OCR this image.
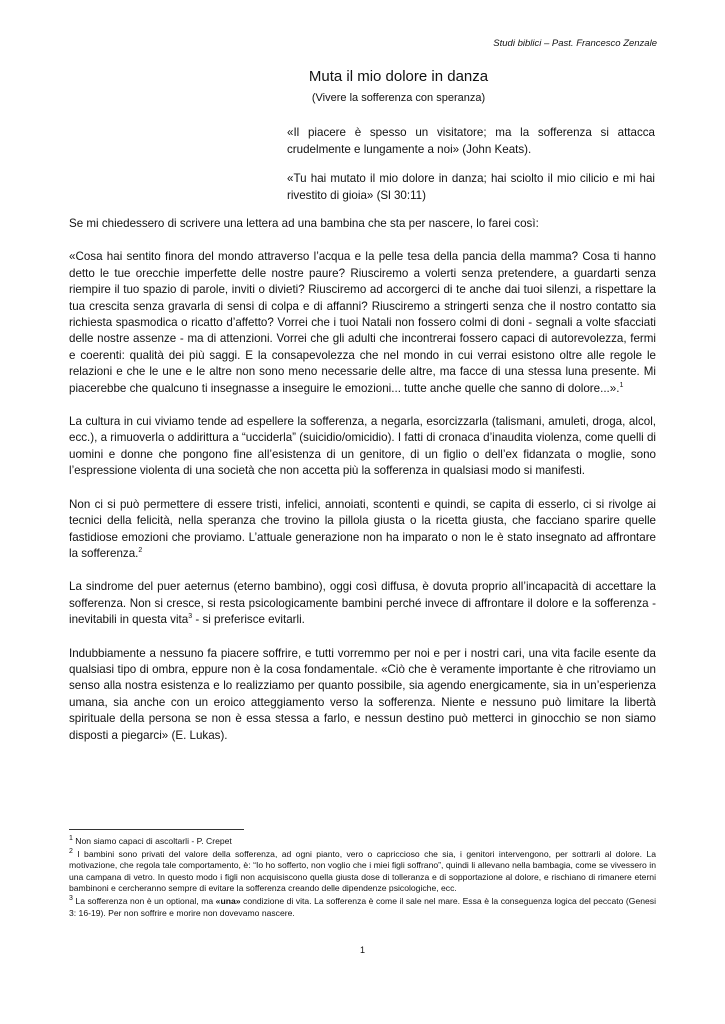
Studi biblici – Past. Francesco Zenzale
Muta il mio dolore in danza
(Vivere la sofferenza con speranza)
«Il piacere è spesso un visitatore; ma la sofferenza si attacca crudelmente e lungamente a noi» (John Keats).
«Tu hai mutato il mio dolore in danza; hai sciolto il mio cilicio e mi hai rivestito di gioia» (Sl 30:11)

Se mi chiedessero di scrivere una lettera ad una bambina che sta per nascere, lo farei così:

«Cosa hai sentito finora del mondo attraverso l’acqua e la pelle tesa della pancia della mamma? Cosa ti hanno detto le tue orecchie imperfette delle nostre paure? Riusciremo a volerti senza pretendere, a guardarti senza riempire il tuo spazio di parole, inviti o divieti? Riusciremo ad accorgerci di te anche dai tuoi silenzi, a rispettare la tua crescita senza gravarla di sensi di colpa e di affanni? Riusciremo a stringerti senza che il nostro contatto sia richiesta spasmodica o ricatto d’affetto? Vorrei che i tuoi Natali non fossero colmi di doni - segnali a volte sfacciati delle nostre assenze - ma di attenzioni. Vorrei che gli adulti che incontrerai fossero capaci di autorevolezza, fermi e coerenti: qualità dei più saggi. E la consapevolezza che nel mondo in cui verrai esistono oltre alle regole le relazioni e che le une e le altre non sono meno necessarie delle altre, ma facce di una stessa luna presente. Mi piacerebbe che qualcuno ti insegnasse a inseguire le emozioni... tutte anche quelle che sanno di dolore...».$^1$

La cultura in cui viviamo tende ad espellere la sofferenza, a negarla, esorcizzarla (talismani, amuleti, droga, alcol, ecc.), a rimuoverla o addirittura a “ucciderla” (suicidio/omicidio). I fatti di cronaca d’inaudita violenza, come quelli di uomini e donne che pongono fine all’esistenza di un genitore, di un figlio o dell’ex fidanzata o moglie, sono l’espressione violenta di una società che non accetta più la sofferenza in qualsiasi modo si manifesti.

Non ci si può permettere di essere tristi, infelici, annoiati, scontenti e quindi, se capita di esserlo, ci si rivolge ai tecnici della felicità, nella speranza che trovino la pillola giusta o la ricetta giusta, che facciano sparire quelle fastidiose emozioni che proviamo. L’attuale generazione non ha imparato o non le è stato insegnato ad affrontare la sofferenza.$^2$

La sindrome del puer aeternus (eterno bambino), oggi così diffusa, è dovuta proprio all’incapacità di accettare la sofferenza. Non si cresce, si resta psicologicamente bambini perché invece di affrontare il dolore e la sofferenza - inevitabili in questa vita$^3$ - si preferisce evitarli.

Indubbiamente a nessuno fa piacere soffrire, e tutti vorremmo per noi e per i nostri cari, una vita facile esente da qualsiasi tipo di ombra, eppure non è la cosa fondamentale. «Ciò che è veramente importante è che ritroviamo un senso alla nostra esistenza e lo realizziamo per quanto possibile, sia agendo energicamente, sia in un’esperienza umana, sia anche con un eroico atteggiamento verso la sofferenza. Niente e nessuno può limitare la libertà spirituale della persona se non è essa stessa a farlo, e nessun destino può metterci in ginocchio se non siamo disposti a piegarci» (E. Lukas).

$^1$ Non siamo capaci di ascoltarli - P. Crepet
$^2$ I bambini sono privati del valore della sofferenza, ad ogni pianto, vero o capriccioso che sia, i genitori intervengono, per sottrarli al dolore. La motivazione, che regola tale comportamento, è: “Io ho sofferto, non voglio che i miei figli soffrano”, quindi li allevano nella bambagia, come se vivessero in una campana di vetro. In questo modo i figli non acquisiscono quella giusta dose di tolleranza e di sopportazione al dolore, e rischiano di rimanere eterni bambinoni e cercheranno sempre di evitare la sofferenza creando delle dipendenze psicologiche, ecc.
$^3$ La sofferenza non è un optional, ma «una» condizione di vita. La sofferenza è come il sale nel mare. Essa è la conseguenza logica del peccato (Genesi 3: 16-19). Per non soffrire e morire non dovevamo nascere.
1
